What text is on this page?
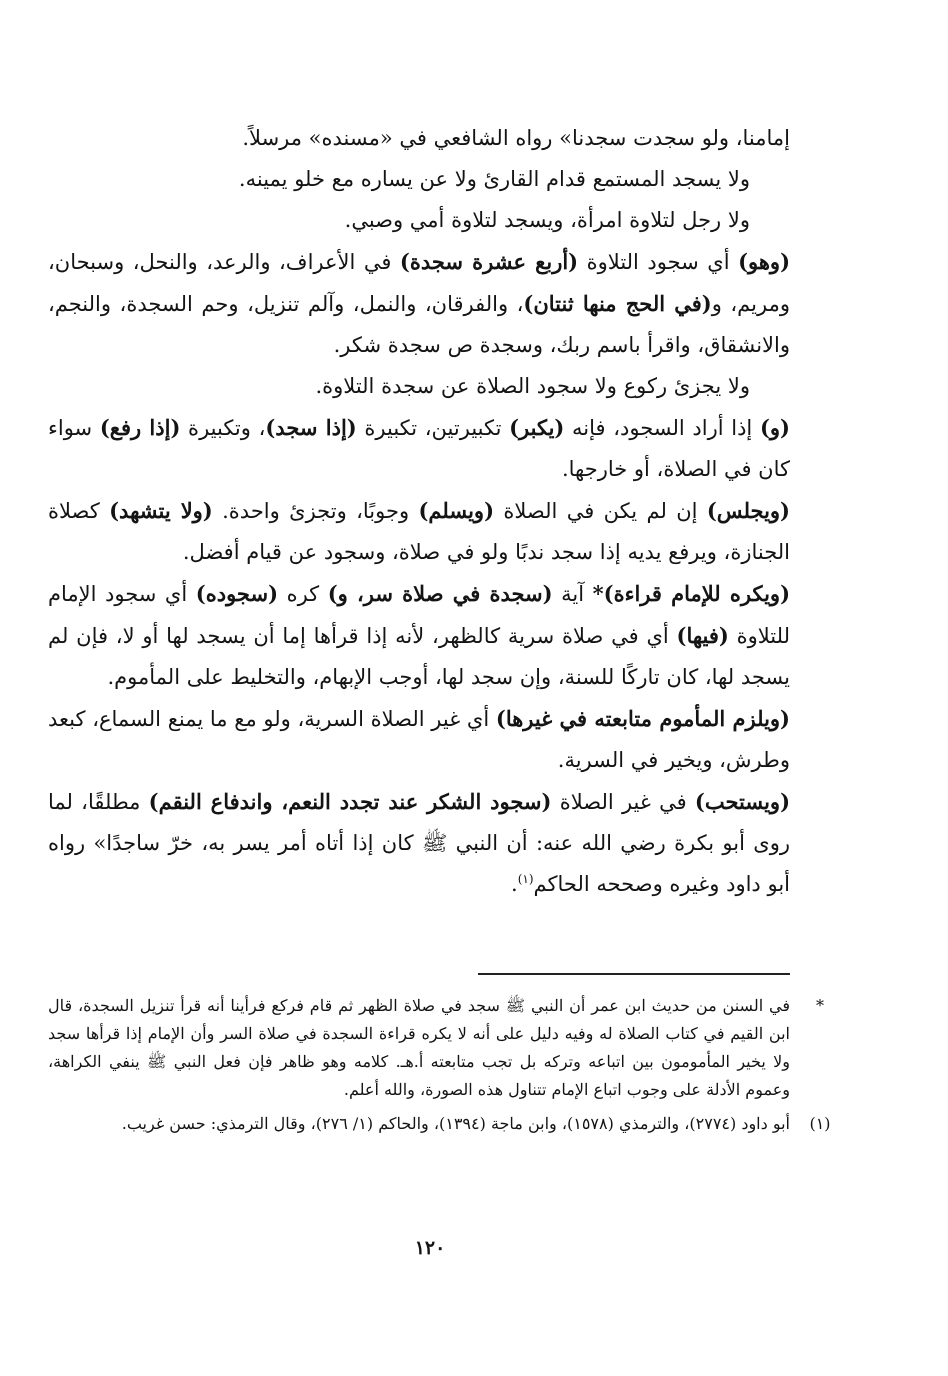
إمامنا، ولو سجدت سجدنا» رواه الشافعي في «مسنده» مرسلاً.

ولا يسجد المستمع قدام القارئ ولا عن يساره مع خلو يمينه.

ولا رجل لتلاوة امرأة، ويسجد لتلاوة أمي وصبي.

(وهو) أي سجود التلاوة (أربع عشرة سجدة) في الأعراف، والرعد، والنحل، وسبحان، ومريم، و(في الحج منها ثنتان)، والفرقان، والنمل، وآلم تنزيل، وحم السجدة، والنجم، والانشقاق، واقرأ باسم ربك، وسجدة ص سجدة شكر.

ولا يجزئ ركوع ولا سجود الصلاة عن سجدة التلاوة.

(و) إذا أراد السجود، فإنه (يكبر) تكبيرتين، تكبيرة (إذا سجد)، وتكبيرة (إذا رفع) سواء كان في الصلاة، أو خارجها.

(ويجلس) إن لم يكن في الصلاة (ويسلم) وجوبًا، وتجزئ واحدة. (ولا يتشهد) كصلاة الجنازة، ويرفع يديه إذا سجد ندبًا ولو في صلاة، وسجود عن قيام أفضل.

(ويكره للإمام قراءة)* آية (سجدة في صلاة سر، و) كره (سجوده) أي سجود الإمام للتلاوة (فيها) أي في صلاة سرية كالظهر، لأنه إذا قرأها إما أن يسجد لها أو لا، فإن لم يسجد لها، كان تاركًا للسنة، وإن سجد لها، أوجب الإبهام، والتخليط على المأموم.

(ويلزم المأموم متابعته في غيرها) أي غير الصلاة السرية، ولو مع ما يمنع السماع، كبعد وطرش، ويخير في السرية.

(ويستحب) في غير الصلاة (سجود الشكر عند تجدد النعم، واندفاع النقم) مطلقًا، لما روى أبو بكرة رضي الله عنه: أن النبي ﷺ كان إذا أتاه أمر يسر به، خرّ ساجدًا» رواه أبو داود وغيره وصححه الحاكم$^{(١)}$.

*

في السنن من حديث ابن عمر أن النبي ﷺ سجد في صلاة الظهر ثم قام فركع فرأينا أنه قرأ تنزيل السجدة، قال ابن القيم في كتاب الصلاة له وفيه دليل على أنه لا يكره قراءة السجدة في صلاة السر وأن الإمام إذا قرأها سجد ولا يخير المأمومون بين اتباعه وتركه بل تجب متابعته أ.هـ. كلامه وهو ظاهر فإن فعل النبي ﷺ ينفي الكراهة، وعموم الأدلة على وجوب اتباع الإمام تتناول هذه الصورة، والله أعلم.

(١)

أبو داود (٢٧٧٤)، والترمذي (١٥٧٨)، وابن ماجة (١٣٩٤)، والحاكم (١/ ٢٧٦)، وقال الترمذي: حسن غريب.

١٢٠
